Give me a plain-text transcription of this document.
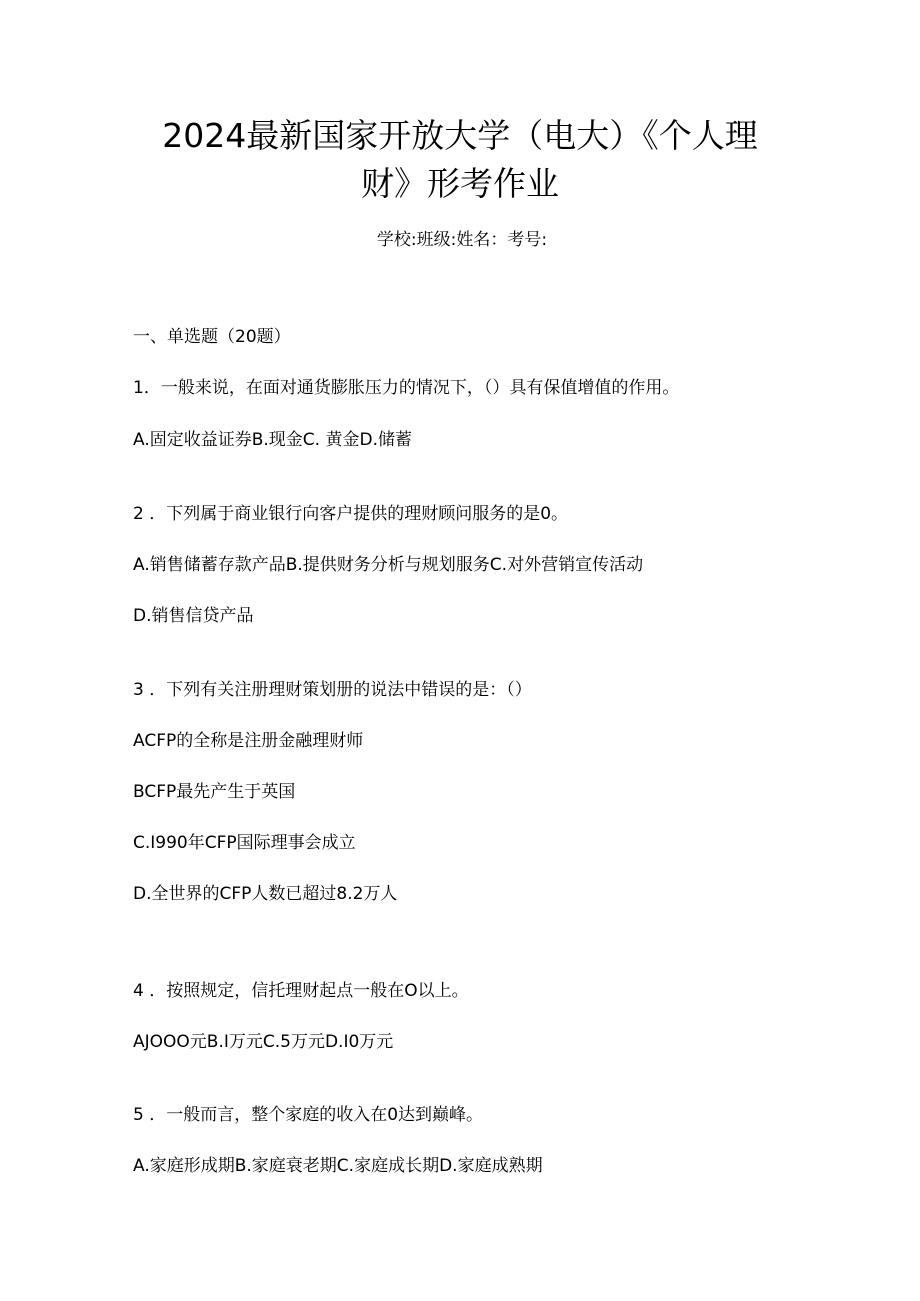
2024最新国家开放大学（电大）《个人理
财》形考作业
学校:班级:姓名：考号:
一、单选题（20题）
1．一般来说，在面对通货膨胀压力的情况下，（）具有保值增值的作用。
A.固定收益证券B.现金C. 黄金D.储蓄
2 ．下列属于商业银行向客户提供的理财顾问服务的是0。
A.销售储蓄存款产品B.提供财务分析与规划服务C.对外营销宣传活动
D.销售信贷产品
3 ．下列有关注册理财策划册的说法中错误的是：（）
ACFP的全称是注册金融理财师
BCFP最先产生于英国
C.I990年CFP国际理事会成立
D.全世界的CFP人数已超过8.2万人
4 ．按照规定，信托理财起点一般在O以上。
AJOOO元B.I万元C.5万元D.I0万元
5 ．一般而言，整个家庭的收入在0达到巅峰。
A.家庭形成期B.家庭衰老期C.家庭成长期D.家庭成熟期
